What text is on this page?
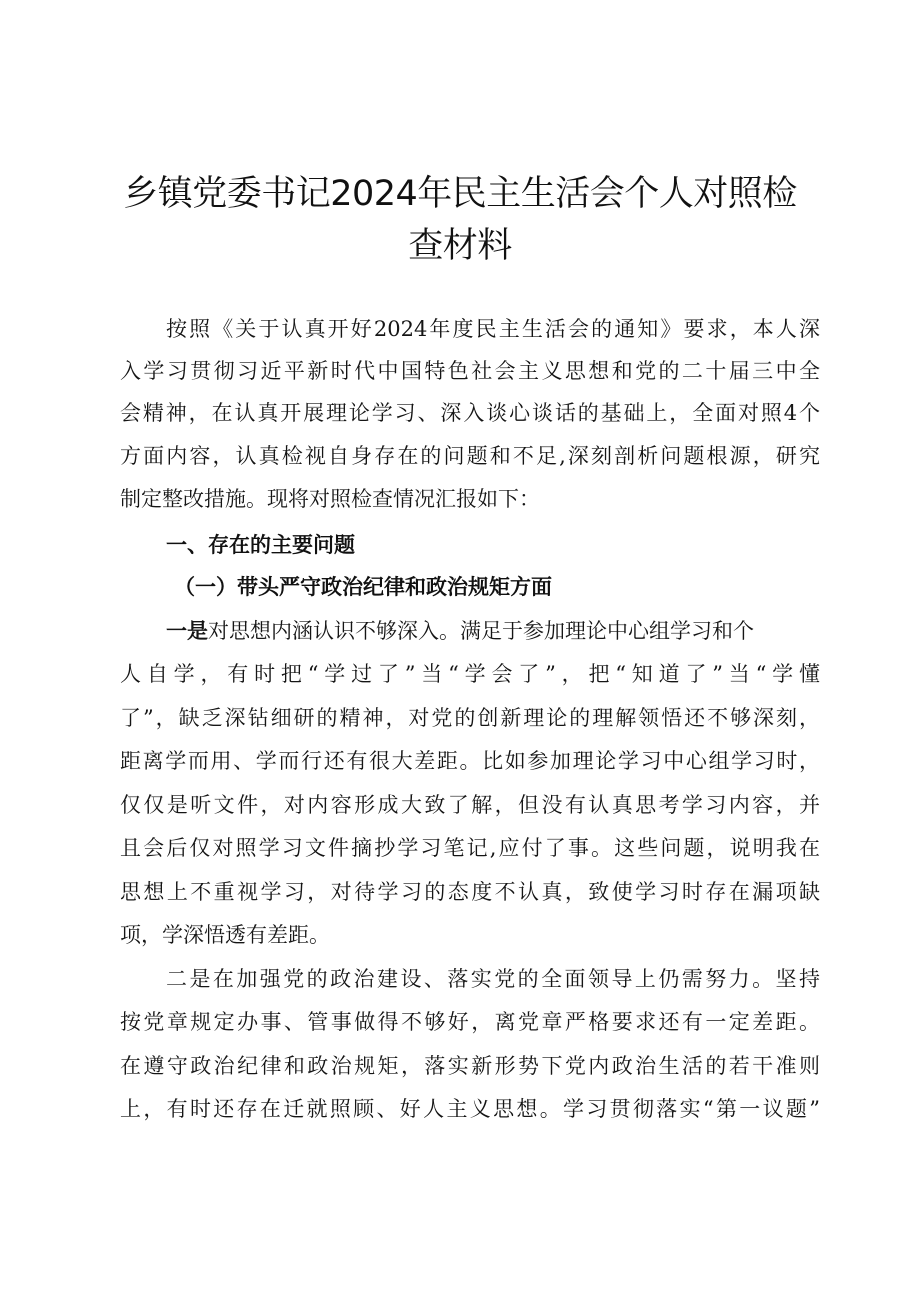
乡镇党委书记2024年民主生活会个人对照检
查材料
按照《关于认真开好2024年度民主生活会的通知》要求，本人深
入学习贯彻习近平新时代中国特色社会主义思想和党的二十届三中全
会精神，在认真开展理论学习、深入谈心谈话的基础上，全面对照4个
方面内容，认真检视自身存在的问题和不足,深刻剖析问题根源，研究
制定整改措施。现将对照检查情况汇报如下：
一、存在的主要问题
（一）带头严守政治纪律和政治规矩方面
一是对思想内涵认识不够深入。满足于参加理论中心组学习和个
人自学，有时把“学过了”当“学会了”，把“知道了”当“学懂
了”，缺乏深钻细研的精神，对党的创新理论的理解领悟还不够深刻，
距离学而用、学而行还有很大差距。比如参加理论学习中心组学习时，
仅仅是听文件，对内容形成大致了解，但没有认真思考学习内容，并
且会后仅对照学习文件摘抄学习笔记,应付了事。这些问题，说明我在
思想上不重视学习，对待学习的态度不认真，致使学习时存在漏项缺
项，学深悟透有差距。
二是在加强党的政治建设、落实党的全面领导上仍需努力。坚持
按党章规定办事、管事做得不够好，离党章严格要求还有一定差距。
在遵守政治纪律和政治规矩，落实新形势下党内政治生活的若干准则
上，有时还存在迁就照顾、好人主义思想。学习贯彻落实“第一议题”
